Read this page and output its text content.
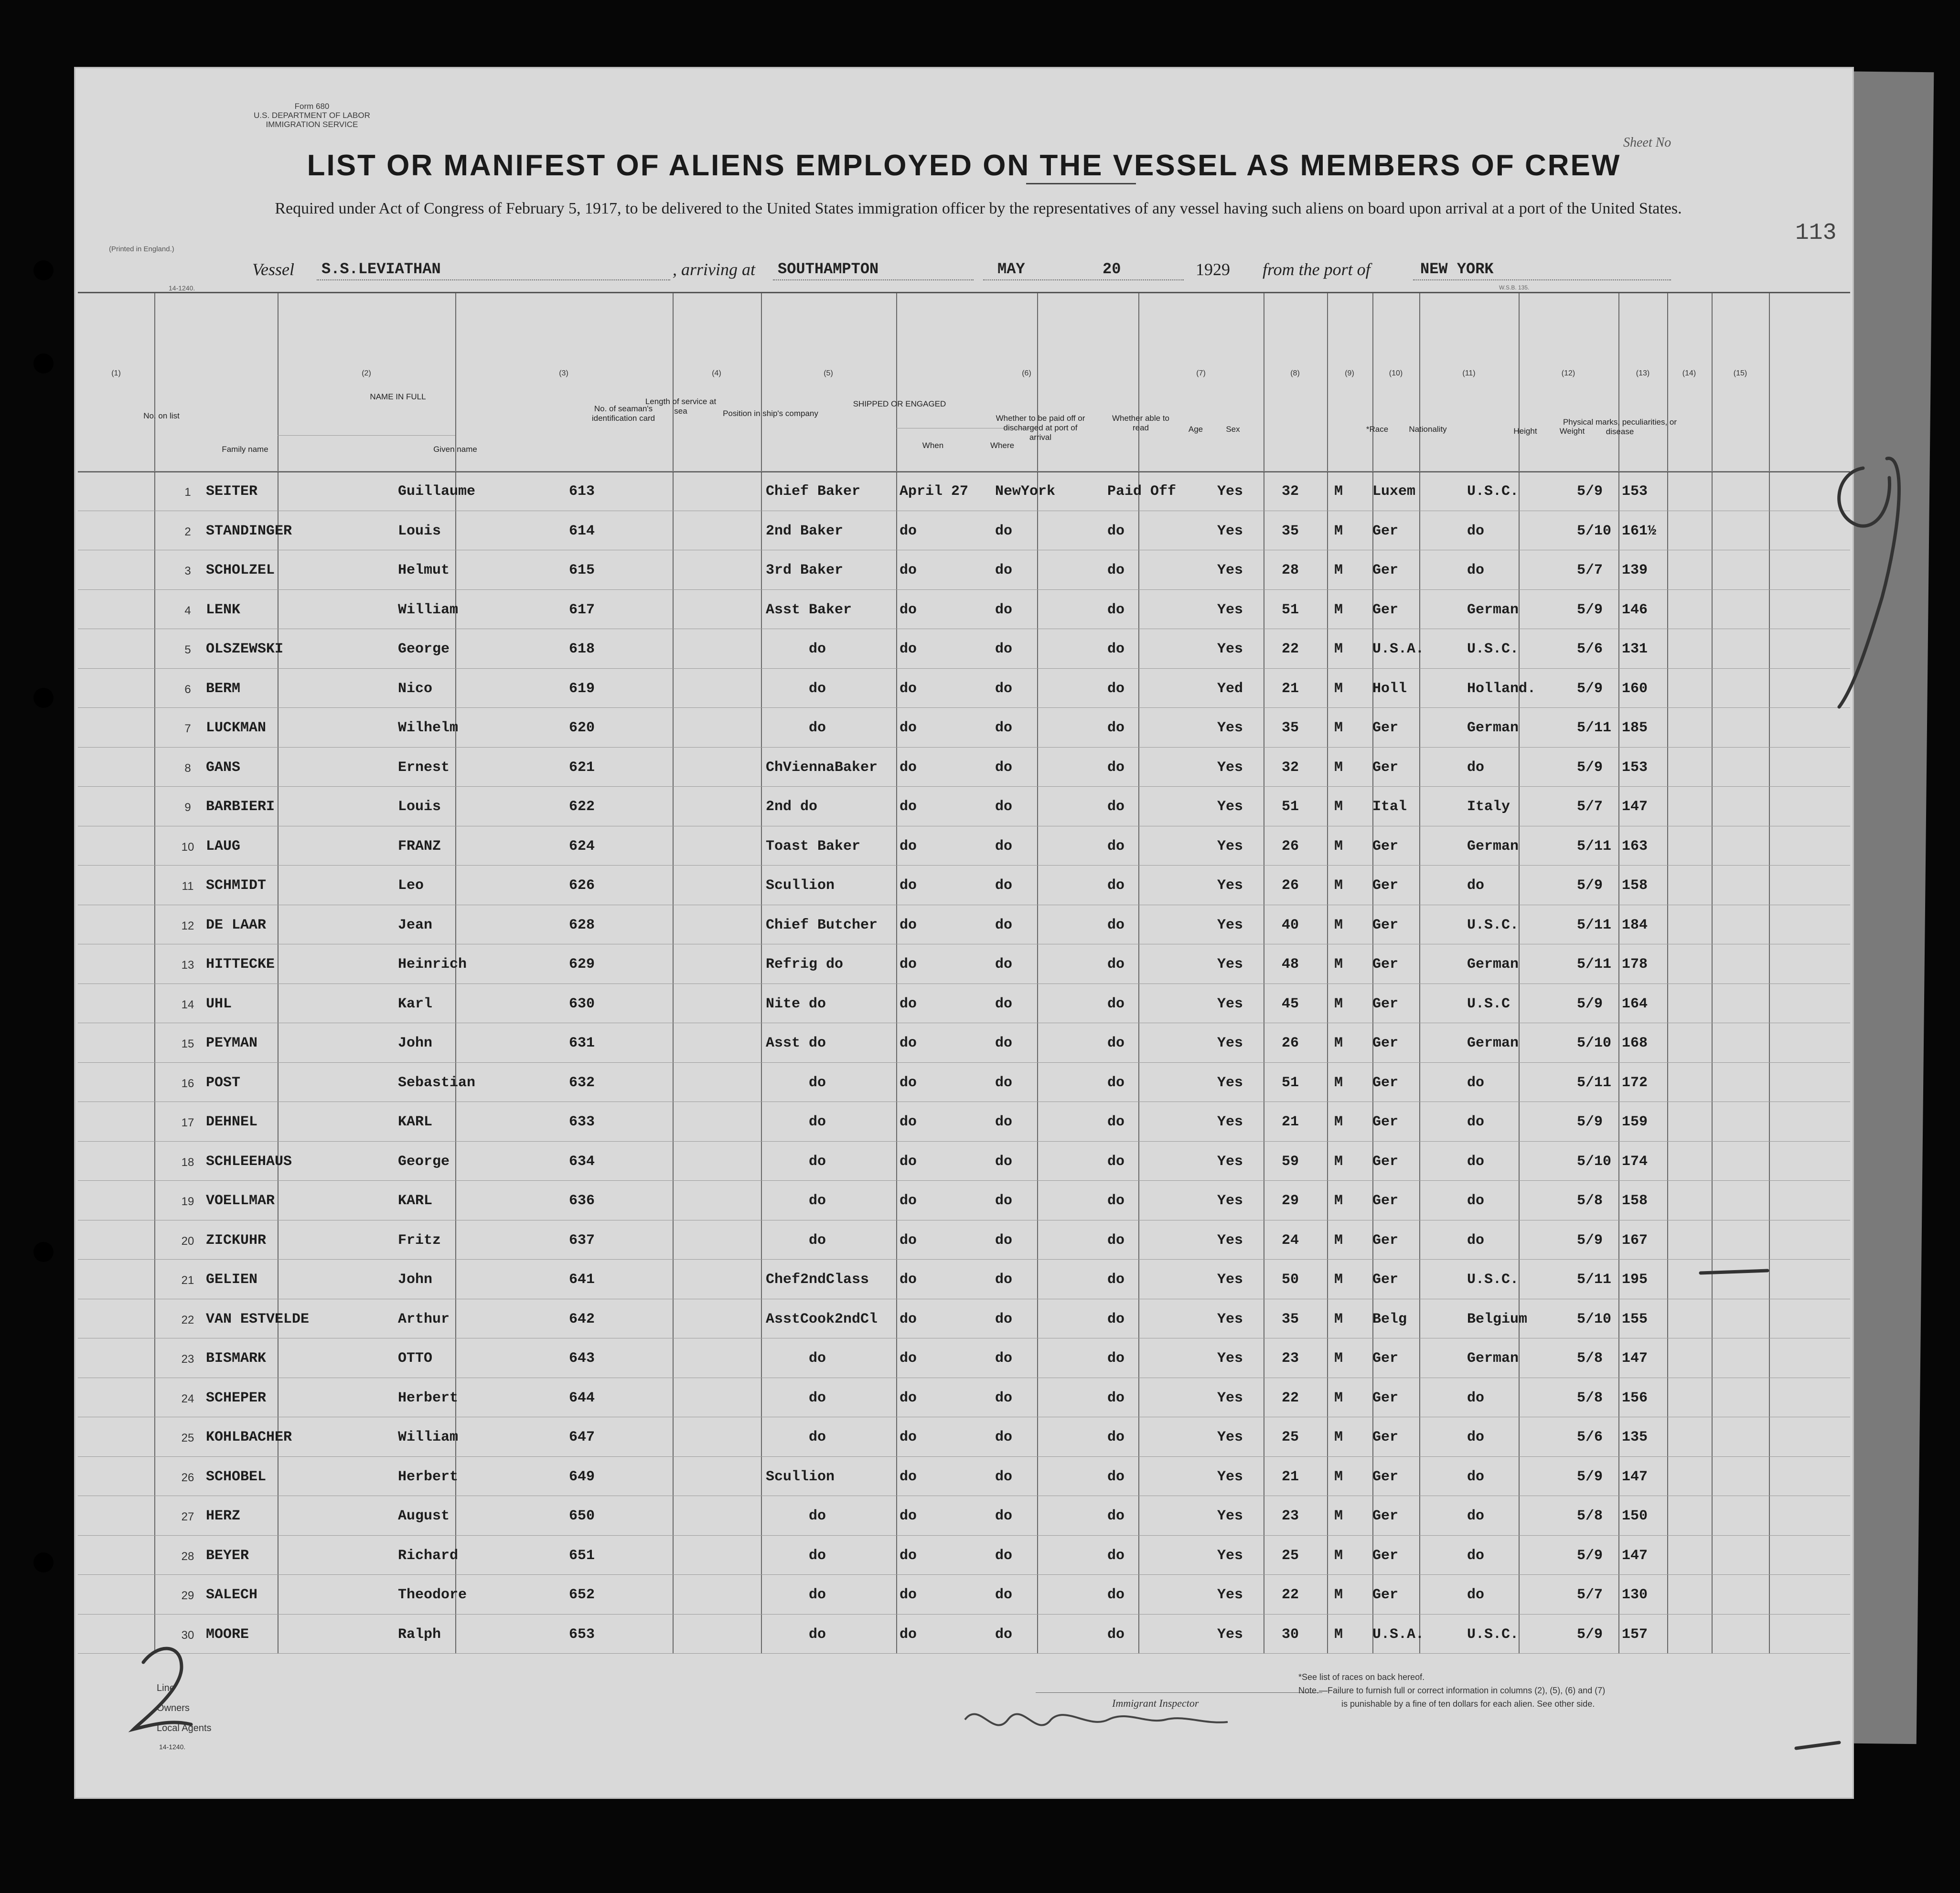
Form 680
U.S. DEPARTMENT OF LABOR
IMMIGRATION SERVICE
Sheet No
113
LIST OR MANIFEST OF ALIENS EMPLOYED ON THE VESSEL AS MEMBERS OF CREW
Required under Act of Congress of February 5, 1917, to be delivered to the United States immigration officer by the representatives of any vessel having such aliens on board upon arrival at a port of the United States.
(Printed in England.)
14-1240.	W.S.B. 135.
Vessel S.S.LEVIATHAN	, arriving at SOUTHAMPTON	MAY	20	1929 from the port of	NEW YORK
(1)	(2)	(3)	(4)	(5)	(6)	(7)	(8)	(9)	(10)	(11)	(12)	(13)	(14)	(15)
No. on list
NAME IN FULL
Family name	Given name
No. of seaman's identification card
Length of service at sea	Position in ship's company
SHIPPED OR ENGAGED
When	Where
Whether to be paid off or discharged at port of arrival
Whether able to read	Age	Sex	*Race	Nationality	Height	Weight
Physical marks, peculiarities, or disease
1	SEITER	Guillaume	613	Chief Baker	April 27 NewYork	Paid Off	Yes	32 M Luxem	U.S.C.	5/9 153
2	STANDINGER	Louis	614	2nd Baker	do	do	do	Yes	35 M Ger	do	5/10 161½
3	SCHOLZEL	Helmut	615	3rd Baker	do	do	do	Yes	28 M Ger	do	5/7 139
4	LENK	William	617	Asst Baker	do	do	do	Yes	51 M Ger	German	5/9 146
5	OLSZEWSKI	George	618	do	do	do	do	Yes	22 M U.S.A.	U.S.C.	5/6 131
6	BERM	Nico	619	do	do	do	do	Yed	21 M Holl	Holland.	5/9 160
7	LUCKMAN	Wilhelm	620	do	do	do	do	Yes	35 M Ger	German	5/11 185
8	GANS	Ernest	621	ChViennaBaker do	do	do	Yes	32 M Ger	do	5/9 153
9	BARBIERI	Louis	622	2nd do	do	do	do	Yes	51 M Ital	Italy	5/7 147
10 LAUG	FRANZ	624	Toast Baker	do	do	do	Yes	26 M Ger	German	5/11 163
11 SCHMIDT	Leo	626	Scullion	do	do	do	Yes	26 M Ger	do	5/9 158
12 DE LAAR	Jean	628	Chief Butcher do	do	do	Yes	40 M Ger	U.S.C.	5/11 184
13 HITTECKE	Heinrich	629	Refrig do	do	do	do	Yes	48 M Ger	German	5/11 178
14 UHL	Karl	630	Nite do	do	do	do	Yes	45 M Ger	U.S.C	5/9 164
15 PEYMAN	John	631	Asst do	do	do	do	Yes	26 M Ger	German	5/10 168
16 POST	Sebastian	632	do	do	do	do	Yes	51 M Ger	do	5/11 172
17 DEHNEL	KARL	633	do	do	do	do	Yes	21 M Ger	do	5/9 159
18 SCHLEEHAUS	George	634	do	do	do	do	Yes	59 M Ger	do	5/10 174
19 VOELLMAR	KARL	636	do	do	do	do	Yes	29 M Ger	do	5/8 158
20 ZICKUHR	Fritz	637	do	do	do	do	Yes	24 M Ger	do	5/9 167
21 GELIEN	John	641	Chef2ndClass do	do	do	Yes	50 M Ger	U.S.C.	5/11 195
22 VAN ESTVELDE	Arthur	642	AsstCook2ndCl do	do	do	Yes	35 M Belg	Belgium	5/10 155
23 BISMARK	OTTO	643	do	do	do	do	Yes	23 M Ger	German	5/8 147
24 SCHEPER	Herbert	644	do	do	do	do	Yes	22 M Ger	do	5/8 156
25 KOHLBACHER	William	647	do	do	do	do	Yes	25 M Ger	do	5/6 135
26 SCHOBEL	Herbert	649	Scullion	do	do	do	Yes	21 M Ger	do	5/9 147
27 HERZ	August	650	do	do	do	do	Yes	23 M Ger	do	5/8 150
28 BEYER	Richard	651	do	do	do	do	Yes	25 M Ger	do	5/9 147
29 SALECH	Theodore	652	do	do	do	do	Yes	22 M Ger	do	5/7 130
30 MOORE	Ralph	653	do	do	do	do	Yes	30 M U.S.A.	U.S.C.	5/9 157
Line
Owners
Local Agents
14-1240.
Immigrant Inspector
*See list of races on back hereof.
Note.—Failure to furnish full or correct information in columns (2), (5), (6) and (7)
is punishable by a fine of ten dollars for each alien. See other side.
